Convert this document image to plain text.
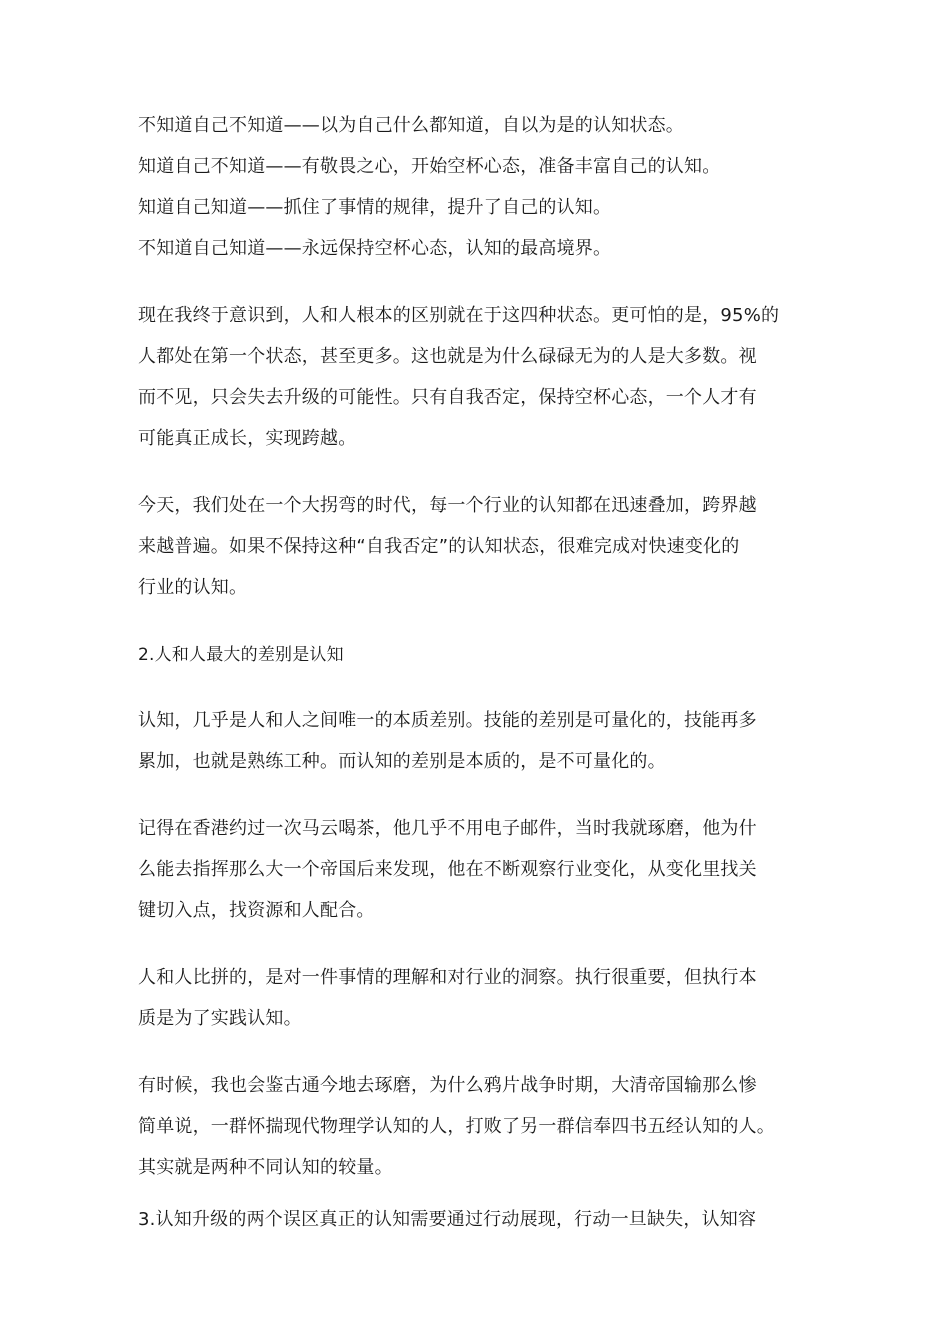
不知道自己不知道——以为自己什么都知道，自以为是的认知状态。
知道自己不知道——有敬畏之心，开始空杯心态，准备丰富自己的认知。
知道自己知道——抓住了事情的规律，提升了自己的认知。
不知道自己知道——永远保持空杯心态，认知的最高境界。
现在我终于意识到，人和人根本的区别就在于这四种状态。更可怕的是，95%的
人都处在第一个状态，甚至更多。这也就是为什么碌碌无为的人是大多数。视
而不见，只会失去升级的可能性。只有自我否定，保持空杯心态，一个人才有
可能真正成长，实现跨越。
今天，我们处在一个大拐弯的时代，每一个行业的认知都在迅速叠加，跨界越
来越普遍。如果不保持这种“自我否定”的认知状态，很难完成对快速变化的
行业的认知。
2.人和人最大的差别是认知
认知，几乎是人和人之间唯一的本质差别。技能的差别是可量化的，技能再多
累加，也就是熟练工种。而认知的差别是本质的，是不可量化的。
记得在香港约过一次马云喝茶，他几乎不用电子邮件，当时我就琢磨，他为什
么能去指挥那么大一个帝国后来发现，他在不断观察行业变化，从变化里找关
键切入点，找资源和人配合。
人和人比拼的，是对一件事情的理解和对行业的洞察。执行很重要，但执行本
质是为了实践认知。
有时候，我也会鉴古通今地去琢磨，为什么鸦片战争时期，大清帝国输那么惨
简单说，一群怀揣现代物理学认知的人，打败了另一群信奉四书五经认知的人。
其实就是两种不同认知的较量。
3.认知升级的两个误区真正的认知需要通过行动展现，行动一旦缺失，认知容
